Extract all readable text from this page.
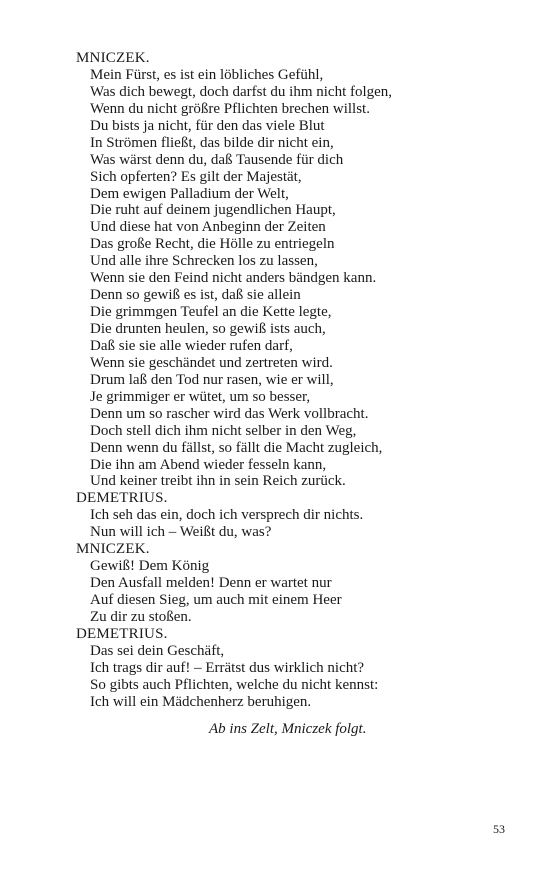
MNICZEK.
Mein Fürst, es ist ein löbliches Gefühl,
Was dich bewegt, doch darfst du ihm nicht folgen,
Wenn du nicht größre Pflichten brechen willst.
Du bists ja nicht, für den das viele Blut
In Strömen fließt, das bilde dir nicht ein,
Was wärst denn du, daß Tausende für dich
Sich opferten? Es gilt der Majestät,
Dem ewigen Palladium der Welt,
Die ruht auf deinem jugendlichen Haupt,
Und diese hat von Anbeginn der Zeiten
Das große Recht, die Hölle zu entriegeln
Und alle ihre Schrecken los zu lassen,
Wenn sie den Feind nicht anders bändgen kann.
Denn so gewiß es ist, daß sie allein
Die grimmgen Teufel an die Kette legte,
Die drunten heulen, so gewiß ists auch,
Daß sie sie alle wieder rufen darf,
Wenn sie geschändet und zertreten wird.
Drum laß den Tod nur rasen, wie er will,
Je grimmiger er wütet, um so besser,
Denn um so rascher wird das Werk vollbracht.
Doch stell dich ihm nicht selber in den Weg,
Denn wenn du fällst, so fällt die Macht zugleich,
Die ihn am Abend wieder fesseln kann,
Und keiner treibt ihn in sein Reich zurück.
DEMETRIUS.
Ich seh das ein, doch ich versprech dir nichts.
Nun will ich – Weißt du, was?
MNICZEK.
Gewiß! Dem König
Den Ausfall melden! Denn er wartet nur
Auf diesen Sieg, um auch mit einem Heer
Zu dir zu stoßen.
DEMETRIUS.
Das sei dein Geschäft,
Ich trags dir auf! – Errätst dus wirklich nicht?
So gibts auch Pflichten, welche du nicht kennst:
Ich will ein Mädchenherz beruhigen.
Ab ins Zelt, Mniczek folgt.
53
